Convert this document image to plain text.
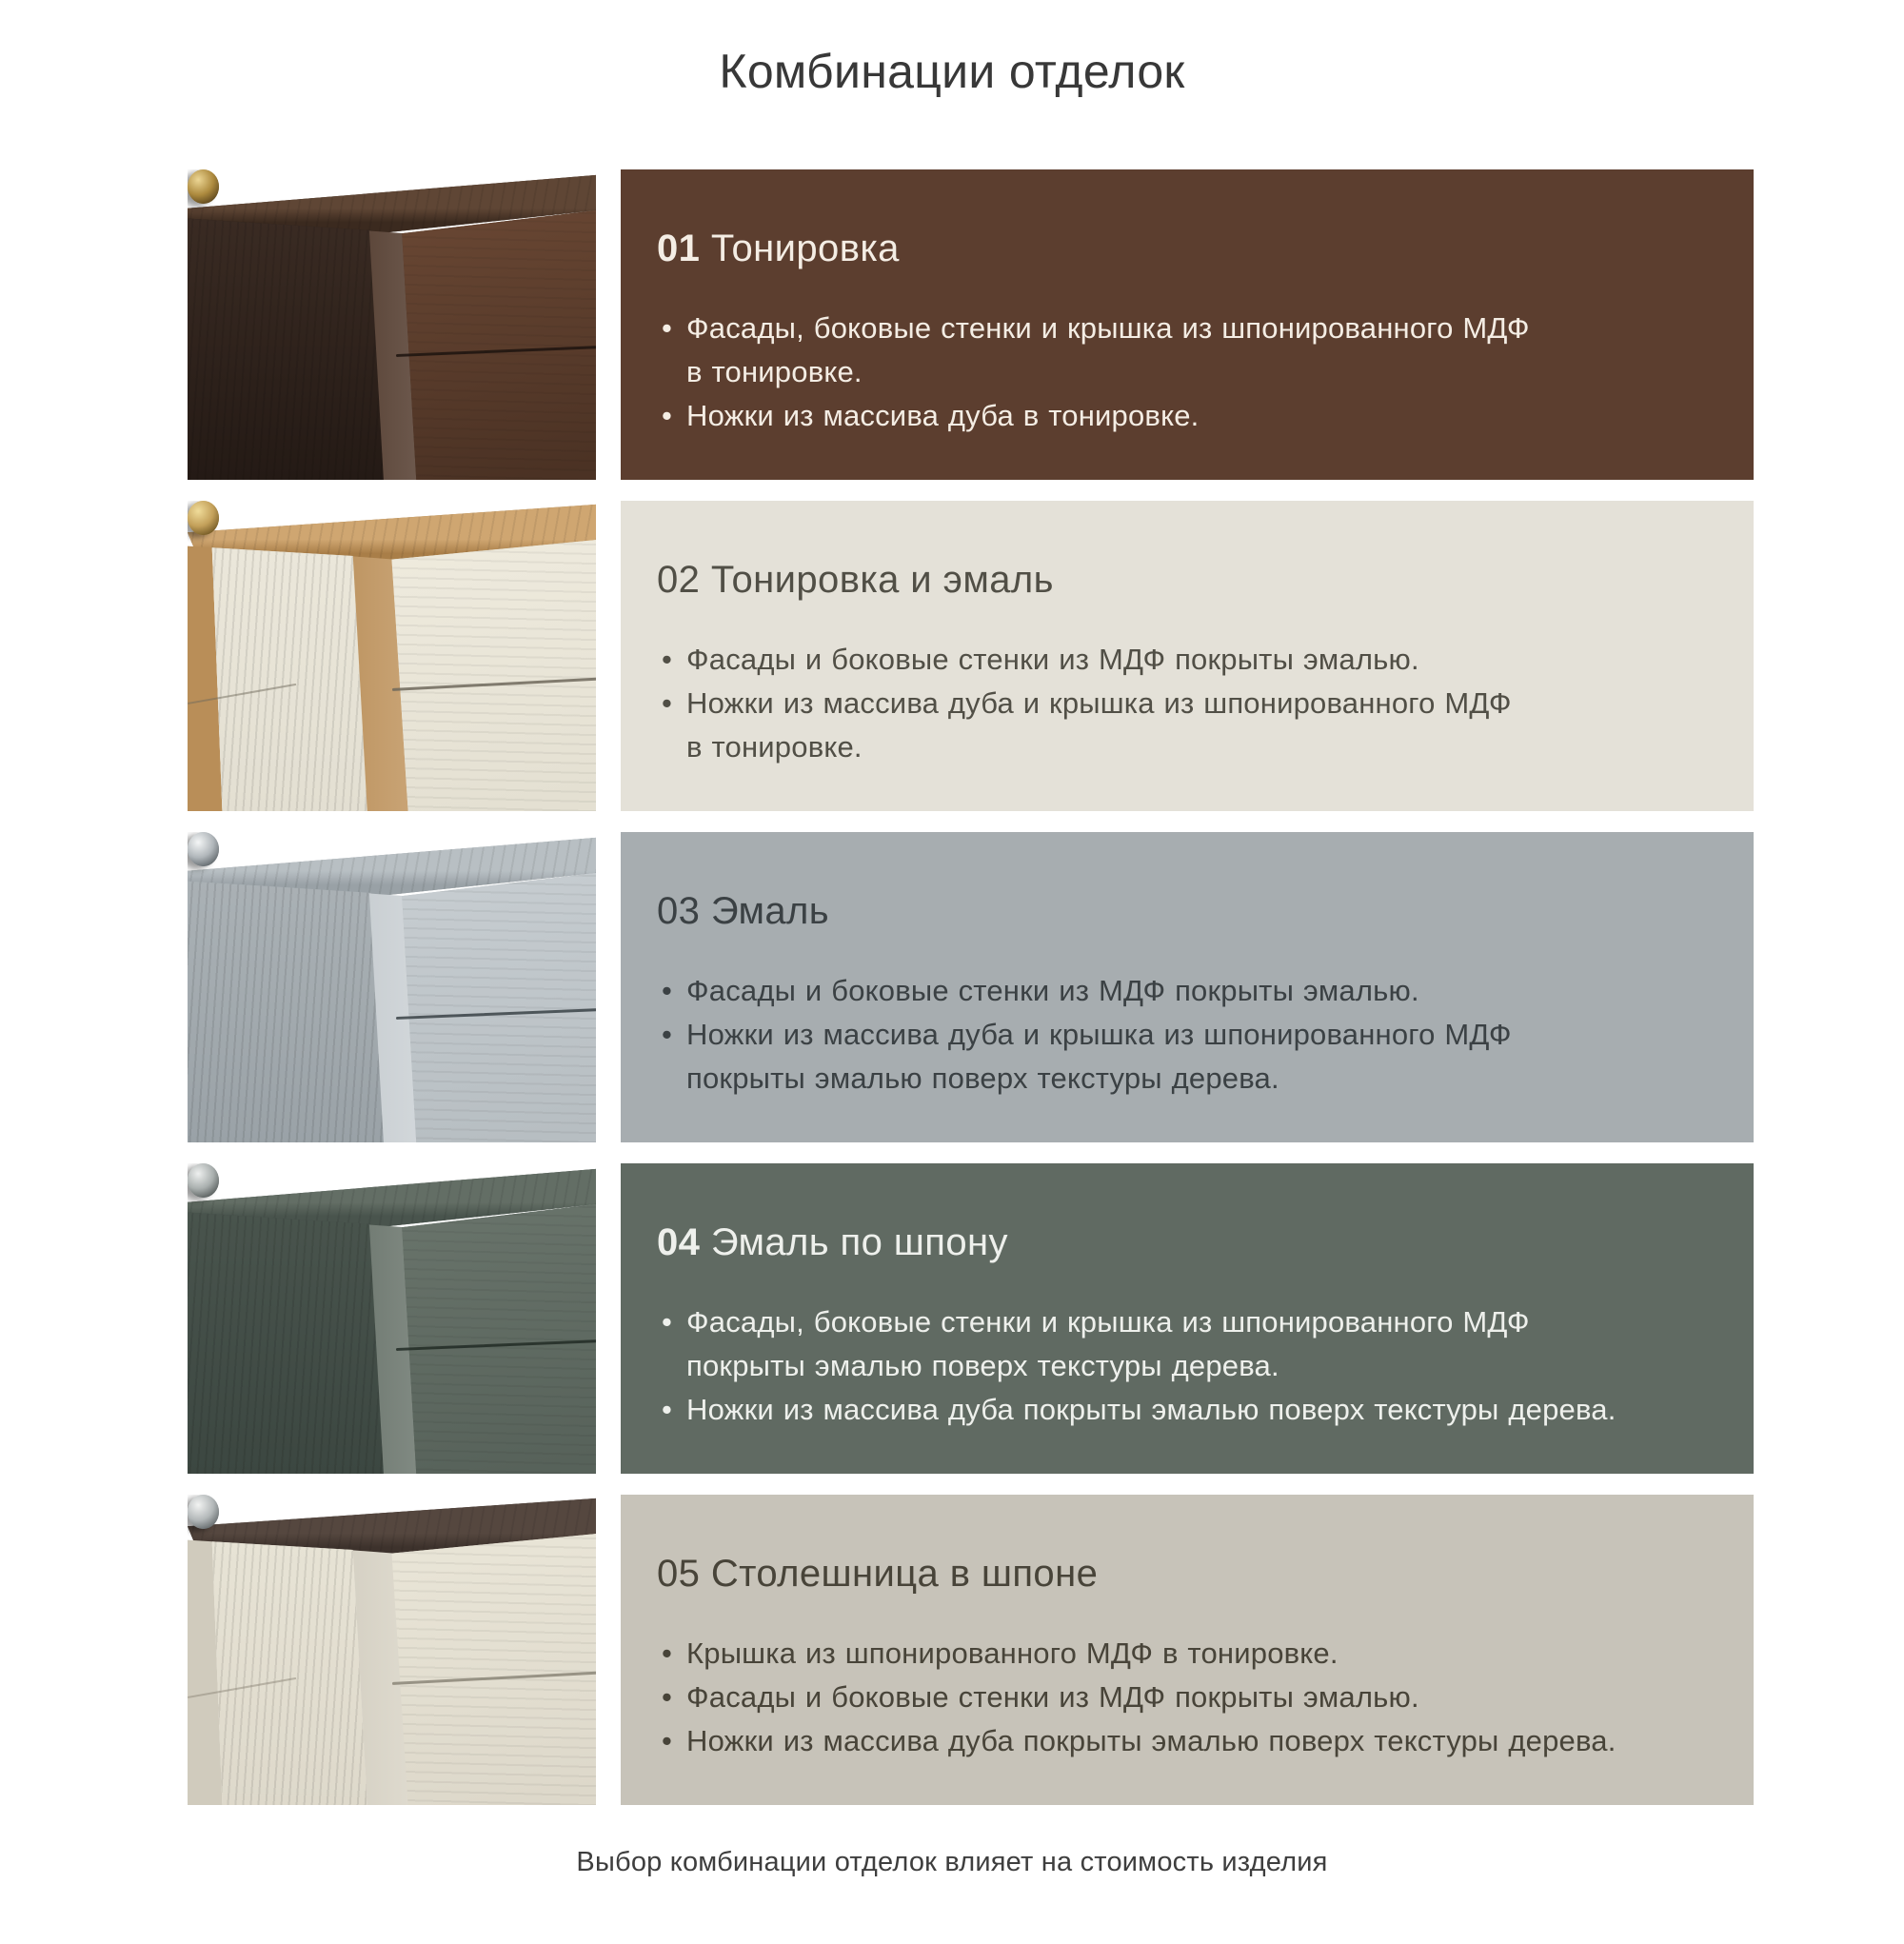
Комбинации отделок
01 Тонировка
• Фасады, боковые стенки и крышка из шпонированного МДФ
в тонировке.
• Ножки из массива дуба в тонировке.
02 Тонировка и эмаль
• Фасады и боковые стенки из МДФ покрыты эмалью.
• Ножки из массива дуба и крышка из шпонированного МДФ
в тонировке.
03 Эмаль
• Фасады и боковые стенки из МДФ покрыты эмалью.
• Ножки из массива дуба и крышка из шпонированного МДФ
покрыты эмалью поверх текстуры дерева.
04 Эмаль по шпону
• Фасады, боковые стенки и крышка из шпонированного МДФ
покрыты эмалью поверх текстуры дерева.
• Ножки из массива дуба покрыты эмалью поверх текстуры дерева.
05 Столешница в шпоне
• Крышка из шпонированного МДФ в тонировке.
• Фасады и боковые стенки из МДФ покрыты эмалью.
• Ножки из массива дуба покрыты эмалью поверх текстуры дерева.

Выбор комбинации отделок влияет на стоимость изделия
